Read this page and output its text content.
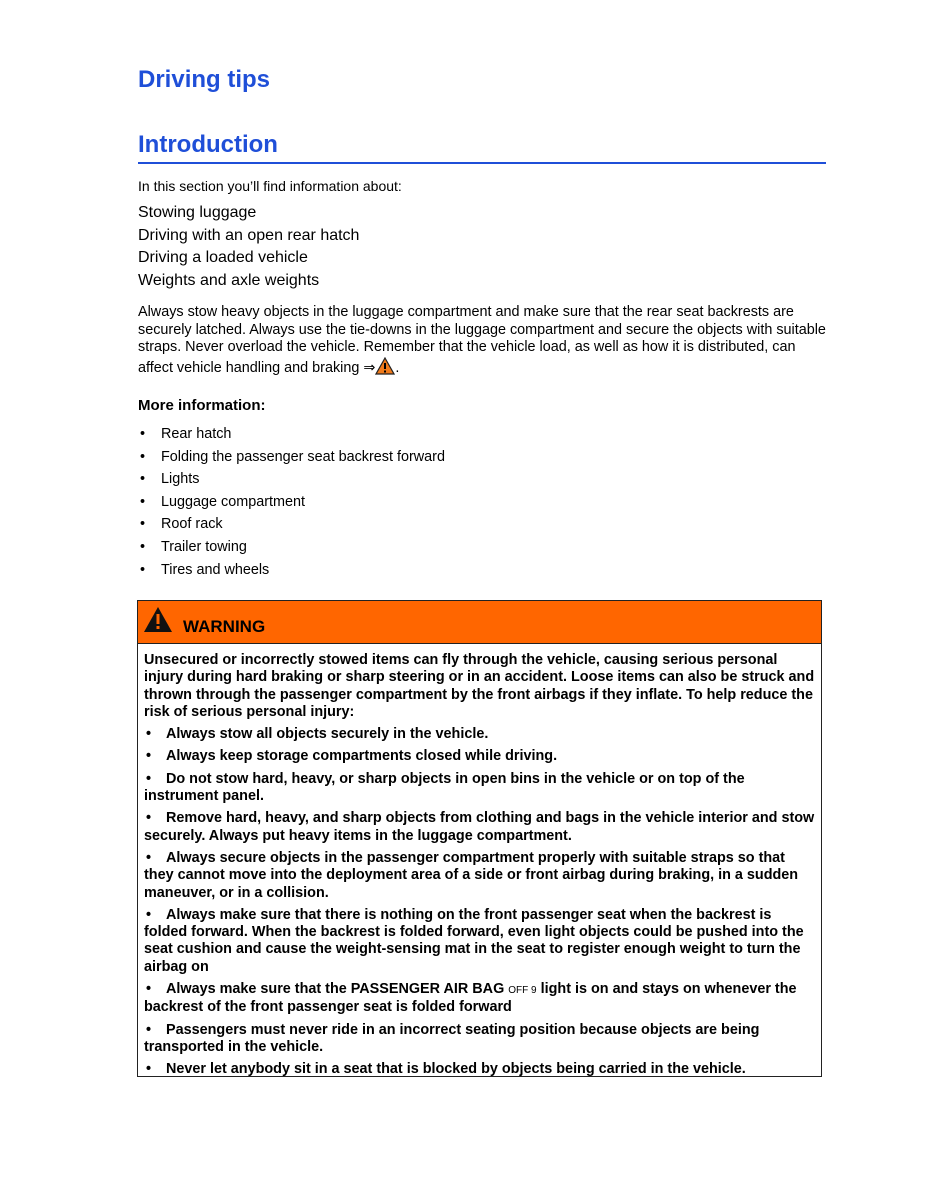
Driving tips
Introduction
In this section you’ll find information about:
Stowing luggage
Driving with an open rear hatch
Driving a loaded vehicle
Weights and axle weights

Always stow heavy objects in the luggage compartment and make sure that the rear seat backrests are securely latched. Always use the tie-downs in the luggage compartment and secure the objects with suitable straps. Never overload the vehicle. Remember that the vehicle load, as well as how it is distributed, can affect vehicle handling and braking ⇒ .

More information:
• Rear hatch
• Folding the passenger seat backrest forward
• Lights
• Luggage compartment
• Roof rack
• Trailer towing
• Tires and wheels
WARNING

Unsecured or incorrectly stowed items can fly through the vehicle, causing serious personal injury during hard braking or sharp steering or in an accident. Loose items can also be struck and thrown through the passenger compartment by the front airbags if they inflate. To help reduce the risk of serious personal injury:

• Always stow all objects securely in the vehicle.
• Always keep storage compartments closed while driving.
• Do not stow hard, heavy, or sharp objects in open bins in the vehicle or on top of the instrument panel.
• Remove hard, heavy, and sharp objects from clothing and bags in the vehicle interior and stow securely. Always put heavy items in the luggage compartment.
• Always secure objects in the passenger compartment properly with suitable straps so that they cannot move into the deployment area of a side or front airbag during braking, in a sudden maneuver, or in a collision.
• Always make sure that there is nothing on the front passenger seat when the backrest is folded forward. When the backrest is folded forward, even light objects could be pushed into the seat cushion and cause the weight-sensing mat in the seat to register enough weight to turn the airbag on
• Always make sure that the PASSENGER AIR BAG OFF 9 light is on and stays on whenever the backrest of the front passenger seat is folded forward
• Passengers must never ride in an incorrect seating position because objects are being transported in the vehicle.
• Never let anybody sit in a seat that is blocked by objects being carried in the vehicle.
